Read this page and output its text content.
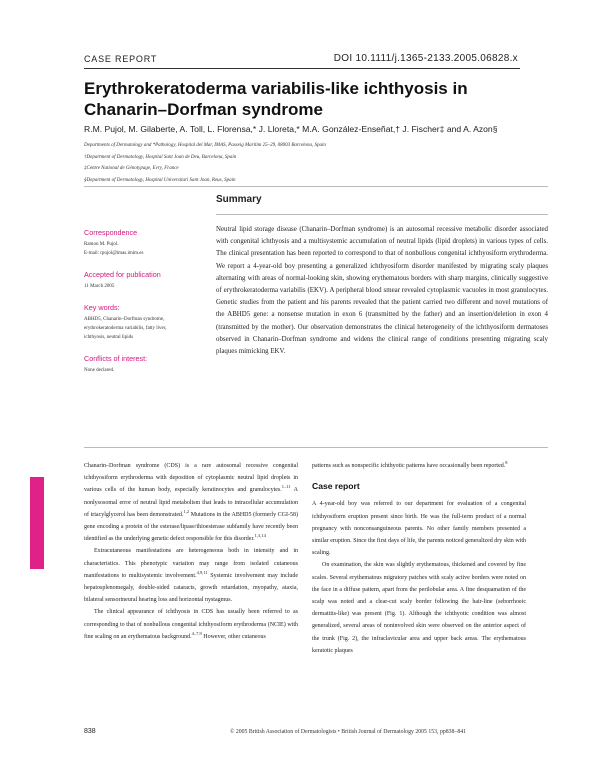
CASE REPORT	DOI 10.1111/j.1365-2133.2005.06828.x
Erythrokeratoderma variabilis-like ichthyosis in Chanarin–Dorfman syndrome
R.M. Pujol, M. Gilaberte, A. Toll, L. Florensa,* J. Lloreta,* M.A. González-Enseñat,† J. Fischer‡ and A. Azon§
Departments of Dermatology and *Pathology, Hospital del Mar, IMAS, Passeig Marítim 25–29, 08003 Barcelona, Spain
†Department of Dermatology, Hospital Sant Joan de Deu, Barcelona, Spain
‡Centre National de Génotypage, Evry, France
§Department of Dermatology, Hospital Universitari Sant Joan, Reus, Spain
Summary
Correspondence
Ramon M. Pujol.
E-mail: rpujol@imas.imim.es
Accepted for publication
11 March 2005
Key words:
ABHD5, Chanarin–Dorfman syndrome,
erythrokeratoderma variabilis, fatty liver,
ichthyosis, neutral lipids
Conflicts of interest:
None declared.

Neutral lipid storage disease (Chanarin–Dorfman syndrome) is an autosomal recessive metabolic disorder associated with congenital ichthyosis and a multisystemic accumulation of neutral lipids (lipid droplets) in various types of cells. The clinical presentation has been reported to correspond to that of nonbullous congenital ichthyosiform erythroderma. We report a 4-year-old boy presenting a generalized ichthyosiform disorder manifested by migrating scaly plaques alternating with areas of normal-looking skin, showing erythematous borders with sharp margins, clinically suggestive of erythrokeratoderma variabilis (EKV). A peripheral blood smear revealed cytoplasmic vacuoles in most granulocytes. Genetic studies from the patient and his parents revealed that the patient carried two different and novel mutations of the ABHD5 gene: a nonsense mutation in exon 6 (transmitted by the father) and an insertion/deletion in exon 4 (transmitted by the mother). Our observation demonstrates the clinical heterogeneity of the ichthyosiform dermatoses observed in Chanarin–Dorfman syndrome and widens the clinical range of conditions presenting migrating scaly plaques mimicking EKV.

Chanarin–Dorfman syndrome (CDS) is a rare autosomal recessive congenital ichthyosiform erythroderma with deposition of cytoplasmic neutral lipid droplets in various cells of the human body, especially keratinocytes and granulocytes.$^{1-11}$ A nonlysosomal error of neutral lipid metabolism that leads to intracellular accumulation of triacylglycerol has been demonstrated.$^{1,2}$ Mutations in the ABHD5 (formerly CGI-58) gene encoding a protein of the esterase/lipase/thioesterase subfamily have recently been identified as the underlying genetic defect responsible for this disorder.$^{1,3,14}$

Extracutaneous manifestations are heterogeneous both in intensity and in characteristics. This phenotypic variation may range from isolated cutaneous manifestations to multisystemic involvement.$^{4,9,11}$ Systemic involvement may include hepatosplenomegaly, double-sided cataracts, growth retardation, myopathy, ataxia, bilateral sensorineural hearing loss and horizontal nystagmus.

The clinical appearance of ichthyosis in CDS has usually been referred to as corresponding to that of nonbullous congenital ichthyosiform erythroderma (NCIE) with fine scaling on an erythematous background.$^{4-7,9}$ However, other cutaneous

patterns such as nonspecific ichthyotic patterns have occasionally been reported.$^8$

Case report

A 4-year-old boy was referred to our department for evaluation of a congenital ichthyosiform eruption present since birth. He was the full-term product of a normal pregnancy with nonconsanguineous parents. No other family members presented a similar eruption. Since the first days of life, the parents noticed generalized dry skin with scaling.

On examination, the skin was slightly erythematous, thickened and covered by fine scales. Several erythematous migratory patches with scaly active borders were noted on the face in a diffuse pattern, apart from the perilobular area. A fine desquamation of the scalp was noted and a clear-cut scaly border following the hair-line (seborrhoeic dermatitis-like) was present (Fig. 1). Although the ichthyotic condition was almost generalized, several areas of noninvolved skin were observed on the anterior aspect of the trunk (Fig. 2), the infraclavicular area and upper back areas. The erythematous keratotic plaques

838	© 2005 British Association of Dermatologists • British Journal of Dermatology 2005 153, pp838–841
